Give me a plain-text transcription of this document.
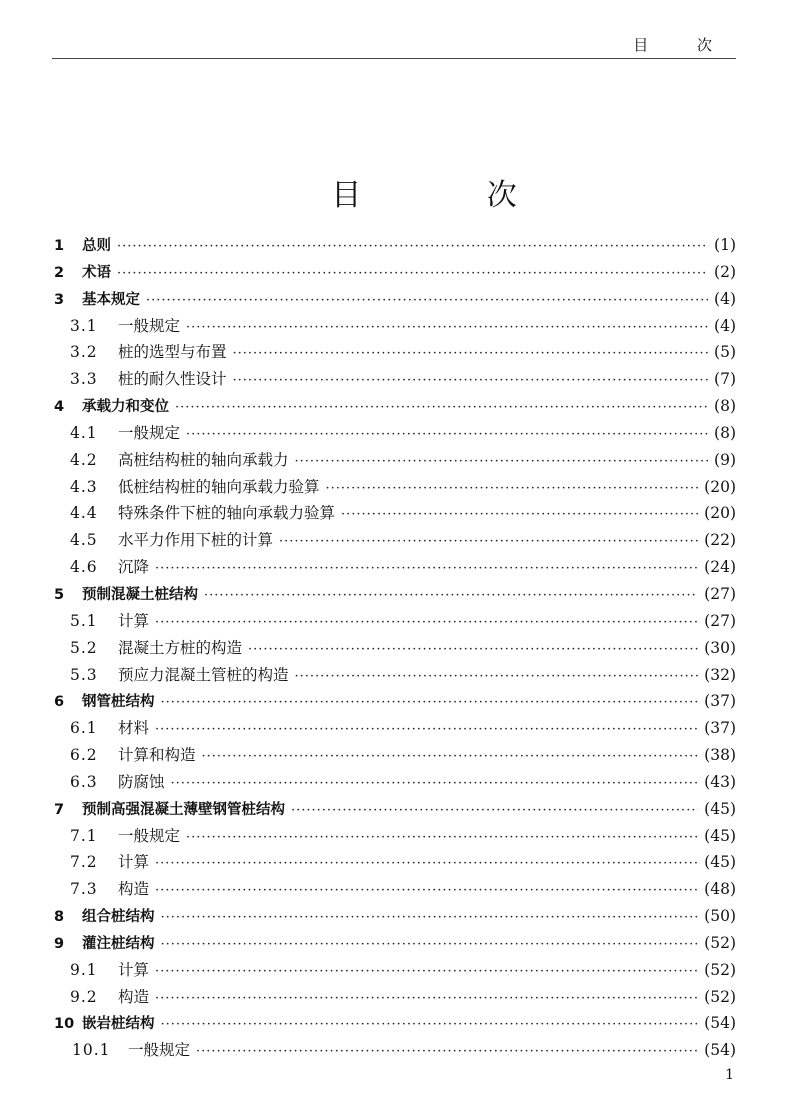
目 次
目 次
1	总则 ·····	(1)
2	术语 ·····	(2)
3	基本规定 ·····	(4)
3.1	一般规定 ·····	(4)
3.2	桩的选型与布置 ·····	(5)
3.3	桩的耐久性设计 ·····	(7)
4	承载力和变位 ·····	(8)
4.1	一般规定 ·····	(8)
4.2	高桩结构桩的轴向承载力 ·····	(9)
4.3	低桩结构桩的轴向承载力验算 ·····	(20)
4.4	特殊条件下桩的轴向承载力验算 ·····	(20)
4.5	水平力作用下桩的计算 ·····	(22)
4.6	沉降 ·····	(24)
5	预制混凝土桩结构 ·····	(27)
5.1	计算 ·····	(27)
5.2	混凝土方桩的构造 ·····	(30)
5.3	预应力混凝土管桩的构造 ·····	(32)
6	钢管桩结构 ·····	(37)
6.1	材料 ·····	(37)
6.2	计算和构造 ·····	(38)
6.3	防腐蚀 ·····	(43)
7	预制高强混凝土薄壁钢管桩结构 ·····	(45)
7.1	一般规定 ·····	(45)
7.2	计算 ·····	(45)
7.3	构造 ·····	(48)
8	组合桩结构 ·····	(50)
9	灌注桩结构 ·····	(52)
9.1	计算 ·····	(52)
9.2	构造 ·····	(52)
10 嵌岩桩结构 ·····	(54)
10.1	一般规定 ·····	(54)
1
